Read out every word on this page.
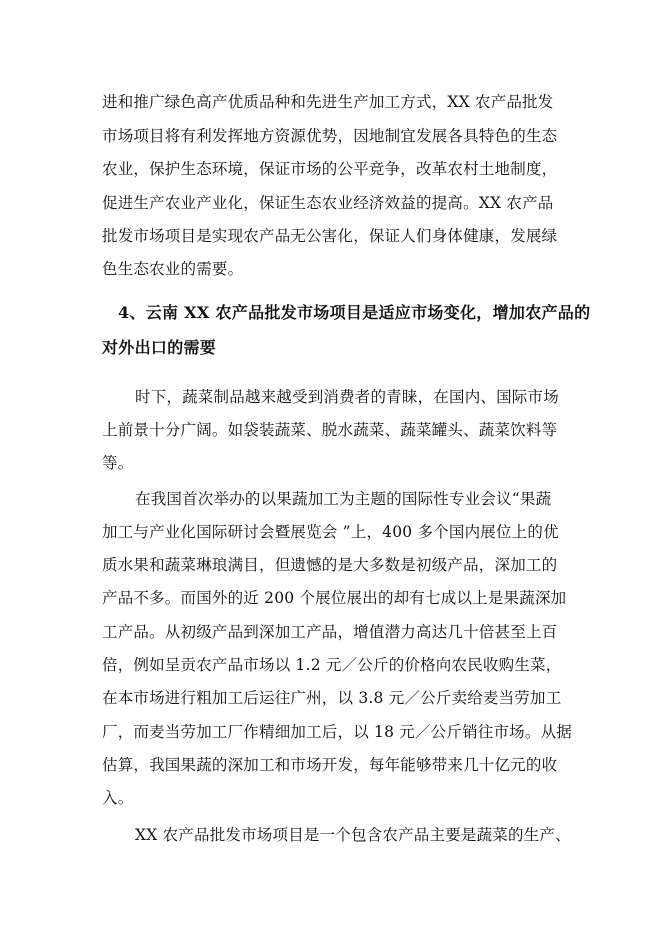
进和推广绿色高产优质品种和先进生产加工方式，XX 农产品批发
市场项目将有利发挥地方资源优势，因地制宜发展各具特色的生态
农业，保护生态环境，保证市场的公平竞争，改革农村土地制度，
促进生产农业产业化，保证生态农业经济效益的提高。XX 农产品
批发市场项目是实现农产品无公害化，保证人们身体健康，发展绿
色生态农业的需要。
4、云南 XX 农产品批发市场项目是适应市场变化，增加农产品的
对外出口的需要
时下，蔬菜制品越来越受到消费者的青睐，在国内、国际市场
上前景十分广阔。如袋装蔬菜、脱水蔬菜、蔬菜罐头、蔬菜饮料等
等。
在我国首次举办的以果蔬加工为主题的国际性专业会议“果蔬
加工与产业化国际研讨会暨展览会 ”上，400 多个国内展位上的优
质水果和蔬菜琳琅满目，但遗憾的是大多数是初级产品，深加工的
产品不多。而国外的近 200 个展位展出的却有七成以上是果蔬深加
工产品。从初级产品到深加工产品，增值潜力高达几十倍甚至上百
倍，例如呈贡农产品市场以 1.2 元／公斤的价格向农民收购生菜，
在本市场进行粗加工后运往广州，以 3.8 元／公斤卖给麦当劳加工
厂，而麦当劳加工厂作精细加工后，以 18 元／公斤销往市场。从据
估算，我国果蔬的深加工和市场开发，每年能够带来几十亿元的收
入。
XX 农产品批发市场项目是一个包含农产品主要是蔬菜的生产、
